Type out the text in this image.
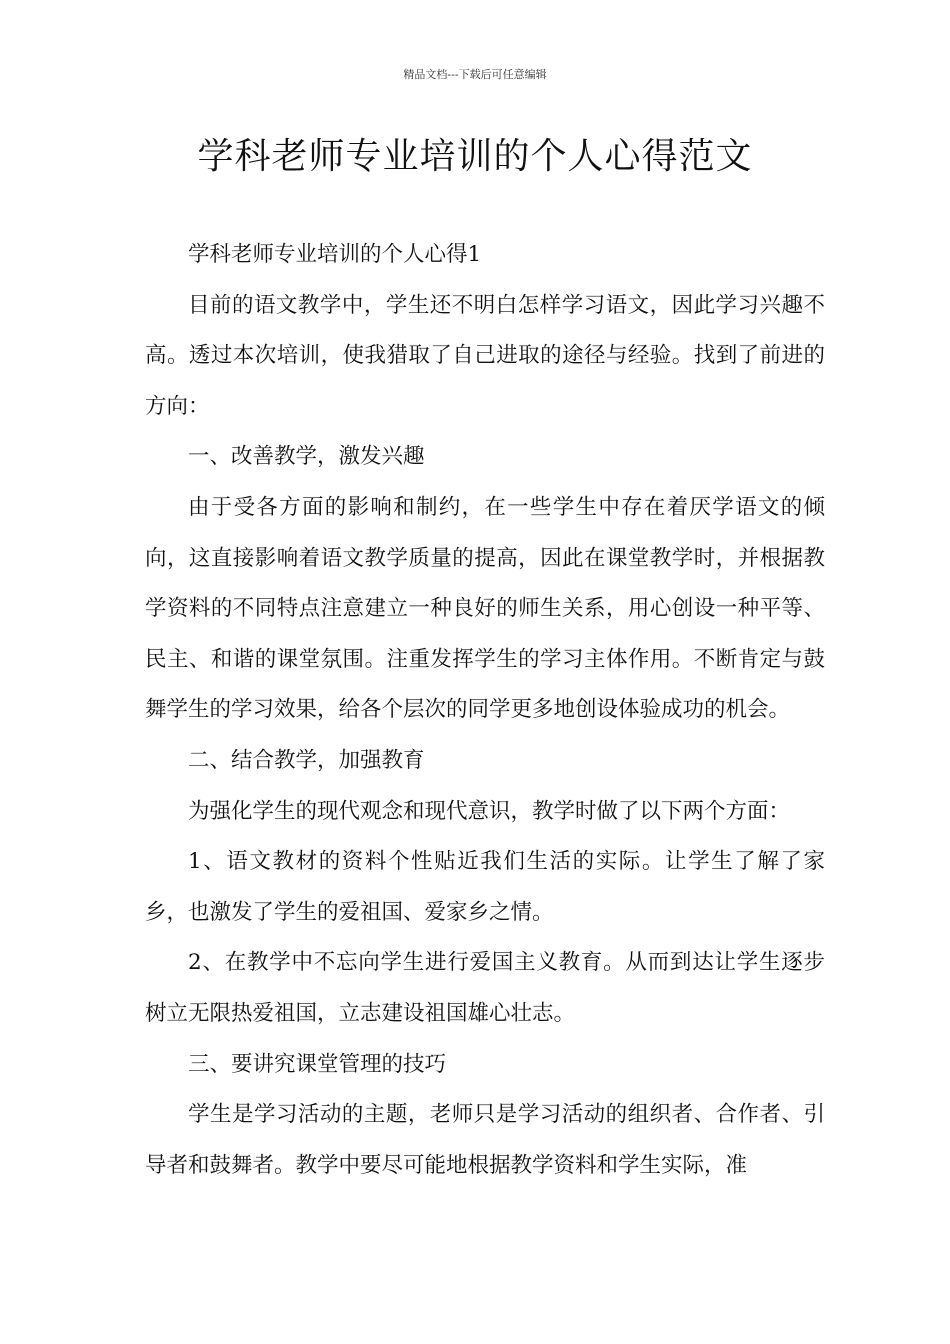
精品文档---下载后可任意编辑
学科老师专业培训的个人心得范文

学科老师专业培训的个人心得1

目前的语文教学中，学生还不明白怎样学习语文，因此学习兴趣不高。透过本次培训，使我猎取了自己进取的途径与经验。找到了前进的方向：

一、改善教学，激发兴趣

由于受各方面的影响和制约，在一些学生中存在着厌学语文的倾向，这直接影响着语文教学质量的提高，因此在课堂教学时，并根据教学资料的不同特点注意建立一种良好的师生关系，用心创设一种平等、民主、和谐的课堂氛围。注重发挥学生的学习主体作用。不断肯定与鼓舞学生的学习效果，给各个层次的同学更多地创设体验成功的机会。

二、结合教学，加强教育

为强化学生的现代观念和现代意识，教学时做了以下两个方面：

1、语文教材的资料个性贴近我们生活的实际。让学生了解了家乡，也激发了学生的爱祖国、爱家乡之情。

2、在教学中不忘向学生进行爱国主义教育。从而到达让学生逐步树立无限热爱祖国，立志建设祖国雄心壮志。

三、要讲究课堂管理的技巧

学生是学习活动的主题，老师只是学习活动的组织者、合作者、引导者和鼓舞者。教学中要尽可能地根据教学资料和学生实际，准
